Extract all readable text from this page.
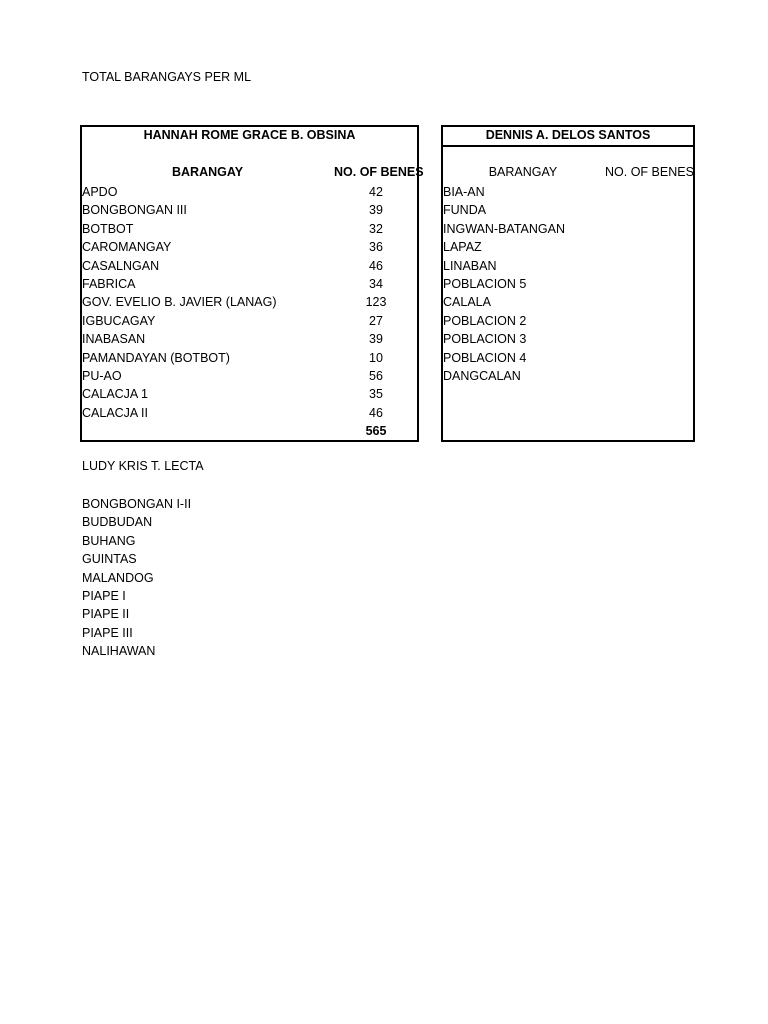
TOTAL BARANGAYS PER ML
HANNAH ROME GRACE B. OBSINA
BARANGAY	NO. OF BENES
APDO	42
BONGBONGAN III	39
BOTBOT	32
CAROMANGAY	36
CASALNGAN	46
FABRICA	34
GOV. EVELIO B. JAVIER (LANAG)	123
IGBUCAGAY	27
INABASAN	39
PAMANDAYAN (BOTBOT)	10
PU-AO	56
CALACJA 1	35
CALACJA II	46
565
DENNIS A. DELOS SANTOS
BARANGAY	NO. OF BENES
BIA-AN
FUNDA
INGWAN-BATANGAN
LAPAZ
LINABAN
POBLACION 5
CALALA
POBLACION 2
POBLACION 3
POBLACION 4
DANGCALAN
LUDY KRIS T. LECTA
BONGBONGAN I-II
BUDBUDAN
BUHANG
GUINTAS
MALANDOG
PIAPE I
PIAPE II
PIAPE III
NALIHAWAN
